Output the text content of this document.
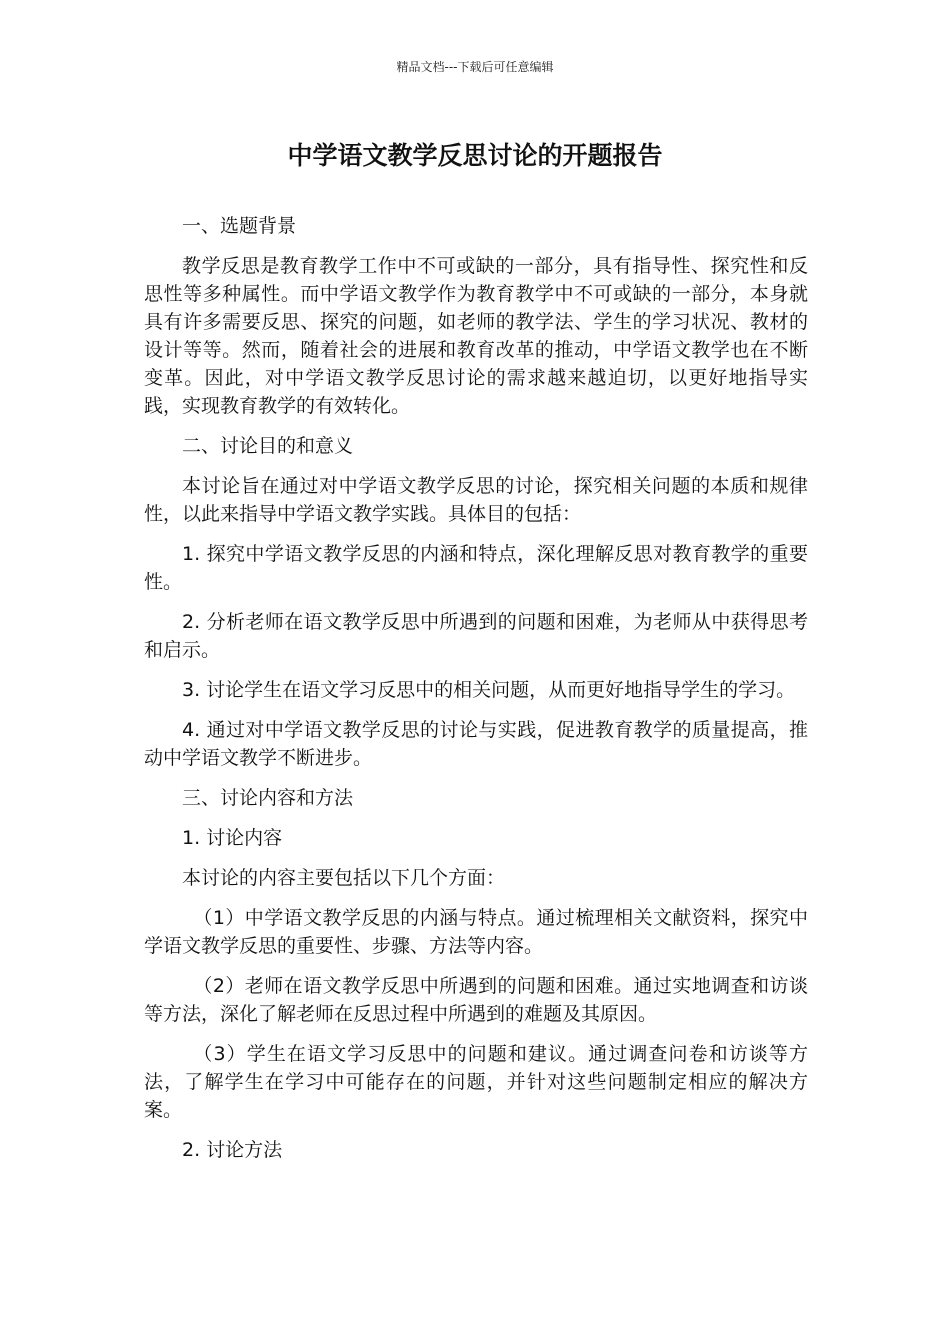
精品文档---下载后可任意编辑
中学语文教学反思讨论的开题报告

一、选题背景

教学反思是教育教学工作中不可或缺的一部分，具有指导性、探究性和反思性等多种属性。而中学语文教学作为教育教学中不可或缺的一部分，本身就具有许多需要反思、探究的问题，如老师的教学法、学生的学习状况、教材的设计等等。然而，随着社会的进展和教育改革的推动，中学语文教学也在不断变革。因此，对中学语文教学反思讨论的需求越来越迫切，以更好地指导实践，实现教育教学的有效转化。

二、讨论目的和意义

本讨论旨在通过对中学语文教学反思的讨论，探究相关问题的本质和规律性，以此来指导中学语文教学实践。具体目的包括：

1. 探究中学语文教学反思的内涵和特点，深化理解反思对教育教学的重要性。

2. 分析老师在语文教学反思中所遇到的问题和困难，为老师从中获得思考和启示。

3. 讨论学生在语文学习反思中的相关问题，从而更好地指导学生的学习。

4. 通过对中学语文教学反思的讨论与实践，促进教育教学的质量提高，推动中学语文教学不断进步。

三、讨论内容和方法

1. 讨论内容

本讨论的内容主要包括以下几个方面：

（1）中学语文教学反思的内涵与特点。通过梳理相关文献资料，探究中学语文教学反思的重要性、步骤、方法等内容。

（2）老师在语文教学反思中所遇到的问题和困难。通过实地调查和访谈等方法，深化了解老师在反思过程中所遇到的难题及其原因。

（3）学生在语文学习反思中的问题和建议。通过调查问卷和访谈等方法，了解学生在学习中可能存在的问题，并针对这些问题制定相应的解决方案。

2. 讨论方法
